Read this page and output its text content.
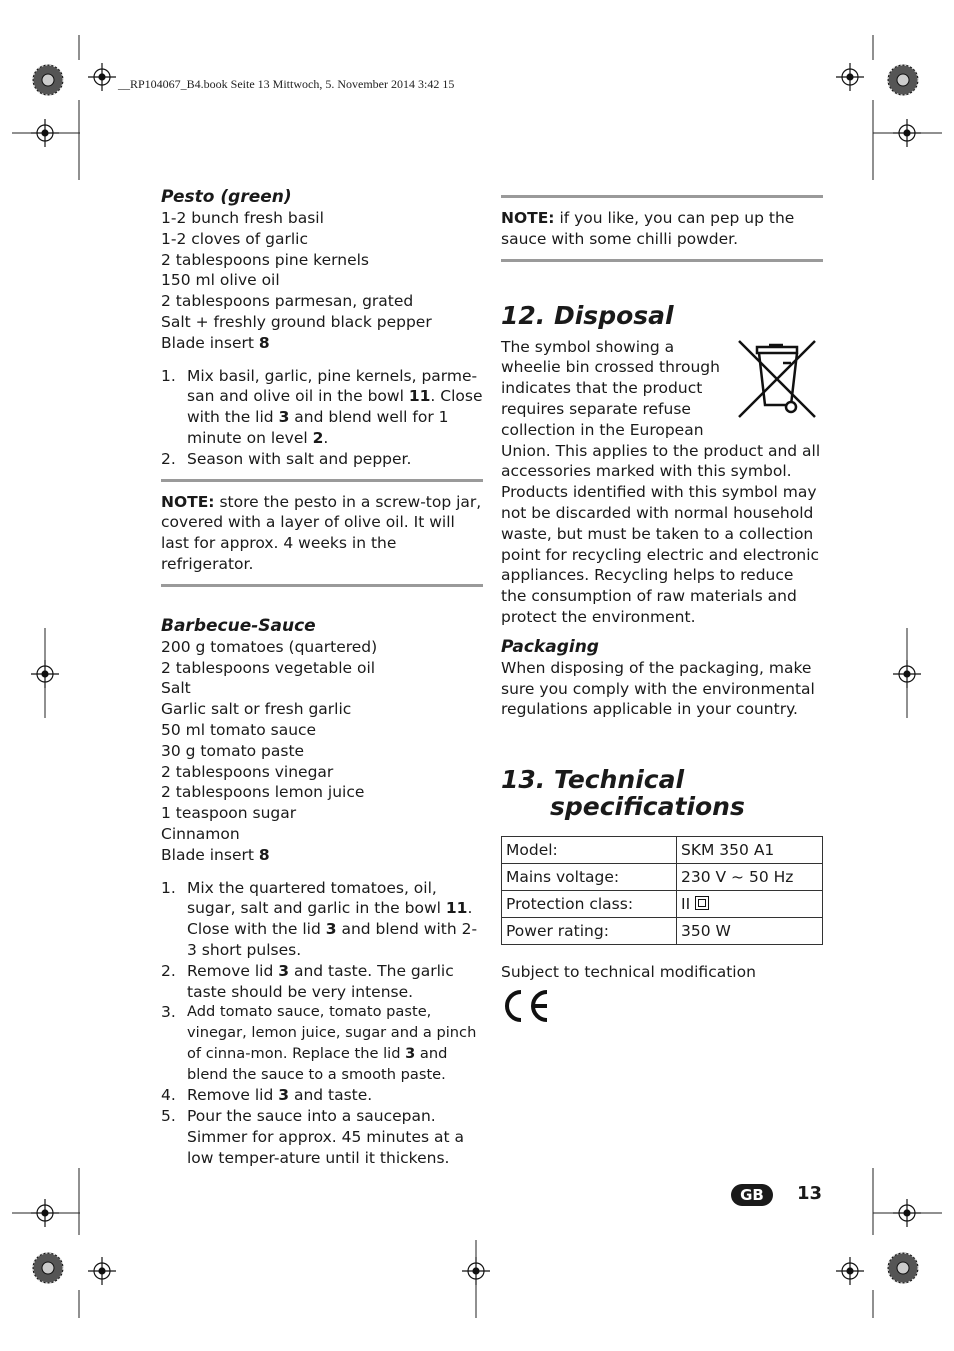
__RP104067_B4.book Seite 13 Mittwoch, 5. November 2014 3:42 15
Pesto (green)
1-2 bunch fresh basil
1-2 cloves of garlic
2 tablespoons pine kernels
150 ml olive oil
2 tablespoons parmesan, grated
Salt + freshly ground black pepper
Blade insert 8
1. Mix basil, garlic, pine kernels, parme-san and olive oil in the bowl 11. Close with the lid 3 and blend well for 1 minute on level 2.
2. Season with salt and pepper.
NOTE: store the pesto in a screw-top jar, covered with a layer of olive oil. It will last for approx. 4 weeks in the refrigerator.
Barbecue-Sauce
200 g tomatoes (quartered)
2 tablespoons vegetable oil
Salt
Garlic salt or fresh garlic
50 ml tomato sauce
30 g tomato paste
2 tablespoons vinegar
2 tablespoons lemon juice
1 teaspoon sugar
Cinnamon
Blade insert 8
1. Mix the quartered tomatoes, oil, sugar, salt and garlic in the bowl 11. Close with the lid 3 and blend with 2-3 short pulses.
2. Remove lid 3 and taste. The garlic taste should be very intense.
3. Add tomato sauce, tomato paste, vinegar, lemon juice, sugar and a pinch of cinna-mon. Replace the lid 3 and blend the sauce to a smooth paste.
4. Remove lid 3 and taste.
5. Pour the sauce into a saucepan. Simmer for approx. 45 minutes at a low temper-ature until it thickens.
NOTE: if you like, you can pep up the sauce with some chilli powder.
12. Disposal
The symbol showing a wheelie bin crossed through indicates that the product requires separate refuse collection in the European Union. This applies to the product and all accessories marked with this symbol. Products identified with this symbol may not be discarded with normal household waste, but must be taken to a collection point for recycling electric and electronic appliances. Recycling helps to reduce the consumption of raw materials and protect the environment.
Packaging
When disposing of the packaging, make sure you comply with the environmental regulations applicable in your country.
13. Technical
specifications
Model:	SKM 350 A1
Mains voltage:	230 V ~ 50 Hz
Protection class:	II

Power rating:	350 W
Subject to technical modification
GB	13
